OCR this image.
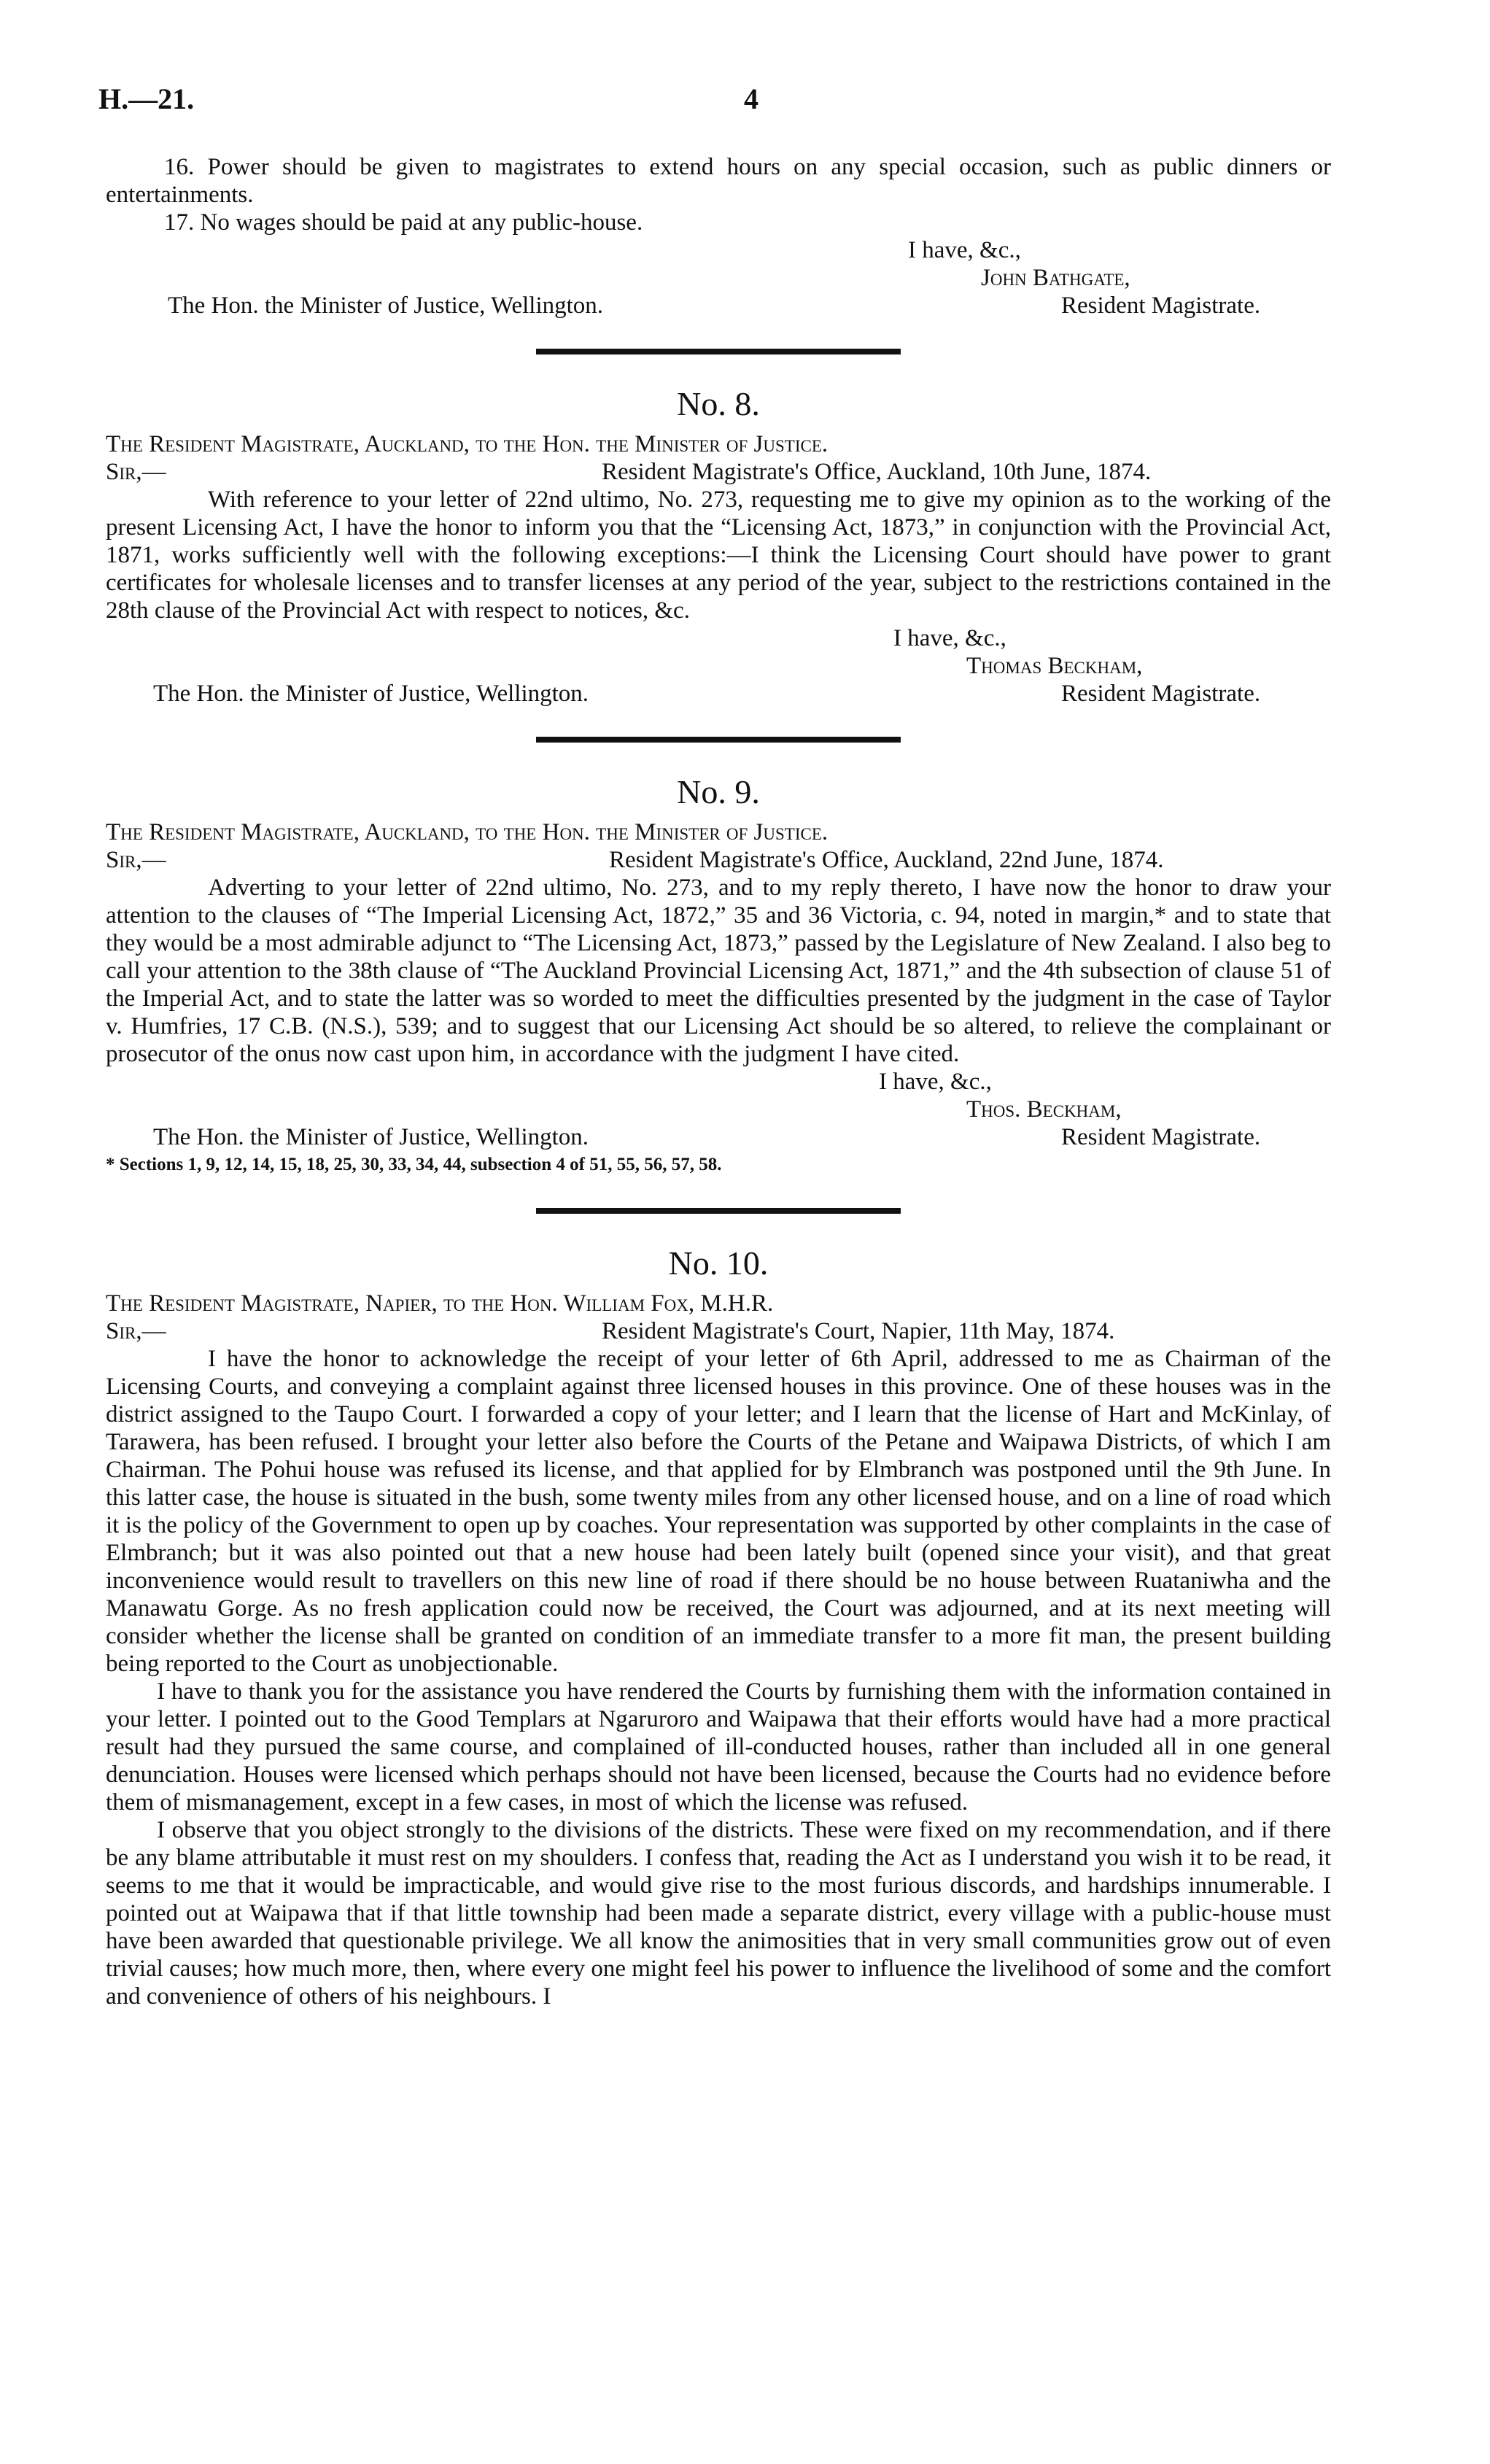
H.—21.	4

16. Power should be given to magistrates to extend hours on any special occasion, such as public dinners or entertainments.

17. No wages should be paid at any public-house.

I have, &c.,
John Bathgate,
The Hon. the Minister of Justice, Wellington.	Resident Magistrate.
No. 8.

The Resident Magistrate, Auckland, to the Hon. the Minister of Justice.

Sir,—	Resident Magistrate's Office, Auckland, 10th June, 1874.

With reference to your letter of 22nd ultimo, No. 273, requesting me to give my opinion as to the working of the present Licensing Act, I have the honor to inform you that the “Licensing Act, 1873,” in conjunction with the Provincial Act, 1871, works sufficiently well with the following exceptions:—I think the Licensing Court should have power to grant certificates for wholesale licenses and to transfer licenses at any period of the year, subject to the restrictions contained in the 28th clause of the Provincial Act with respect to notices, &c.

I have, &c.,
Thomas Beckham,
The Hon. the Minister of Justice, Wellington.	Resident Magistrate.
No. 9.

The Resident Magistrate, Auckland, to the Hon. the Minister of Justice.

Sir,—	Resident Magistrate's Office, Auckland, 22nd June, 1874.

Adverting to your letter of 22nd ultimo, No. 273, and to my reply thereto, I have now the honor to draw your attention to the clauses of “The Imperial Licensing Act, 1872,” 35 and 36 Victoria, c. 94, noted in margin,* and to state that they would be a most admirable adjunct to “The Licensing Act, 1873,” passed by the Legislature of New Zealand. I also beg to call your attention to the 38th clause of “The Auckland Provincial Licensing Act, 1871,” and the 4th subsection of clause 51 of the Imperial Act, and to state the latter was so worded to meet the difficulties presented by the judgment in the case of Taylor v. Humfries, 17 C.B. (N.S.), 539; and to suggest that our Licensing Act should be so altered, to relieve the complainant or prosecutor of the onus now cast upon him, in accordance with the judgment I have cited.

I have, &c.,
Thos. Beckham,
The Hon. the Minister of Justice, Wellington.	Resident Magistrate.

* Sections 1, 9, 12, 14, 15, 18, 25, 30, 33, 34, 44, subsection 4 of 51, 55, 56, 57, 58.

No. 10.

The Resident Magistrate, Napier, to the Hon. William Fox, M.H.R.

Sir,—	Resident Magistrate's Court, Napier, 11th May, 1874.

I have the honor to acknowledge the receipt of your letter of 6th April, addressed to me as Chairman of the Licensing Courts, and conveying a complaint against three licensed houses in this province. One of these houses was in the district assigned to the Taupo Court. I forwarded a copy of your letter; and I learn that the license of Hart and McKinlay, of Tarawera, has been refused. I brought your letter also before the Courts of the Petane and Waipawa Districts, of which I am Chairman. The Pohui house was refused its license, and that applied for by Elmbranch was postponed until the 9th June. In this latter case, the house is situated in the bush, some twenty miles from any other licensed house, and on a line of road which it is the policy of the Government to open up by coaches. Your representation was supported by other complaints in the case of Elmbranch; but it was also pointed out that a new house had been lately built (opened since your visit), and that great inconvenience would result to travellers on this new line of road if there should be no house between Ruataniwha and the Manawatu Gorge. As no fresh application could now be received, the Court was adjourned, and at its next meeting will consider whether the license shall be granted on condition of an immediate transfer to a more fit man, the present building being reported to the Court as unobjectionable.

I have to thank you for the assistance you have rendered the Courts by furnishing them with the information contained in your letter. I pointed out to the Good Templars at Ngaruroro and Waipawa that their efforts would have had a more practical result had they pursued the same course, and complained of ill-conducted houses, rather than included all in one general denunciation. Houses were licensed which perhaps should not have been licensed, because the Courts had no evidence before them of mismanagement, except in a few cases, in most of which the license was refused.

I observe that you object strongly to the divisions of the districts. These were fixed on my recommendation, and if there be any blame attributable it must rest on my shoulders. I confess that, reading the Act as I understand you wish it to be read, it seems to me that it would be impracticable, and would give rise to the most furious discords, and hardships innumerable. I pointed out at Waipawa that if that little township had been made a separate district, every village with a public-house must have been awarded that questionable privilege. We all know the animosities that in very small communities grow out of even trivial causes; how much more, then, where every one might feel his power to influence the livelihood of some and the comfort and convenience of others of his neighbours. I
